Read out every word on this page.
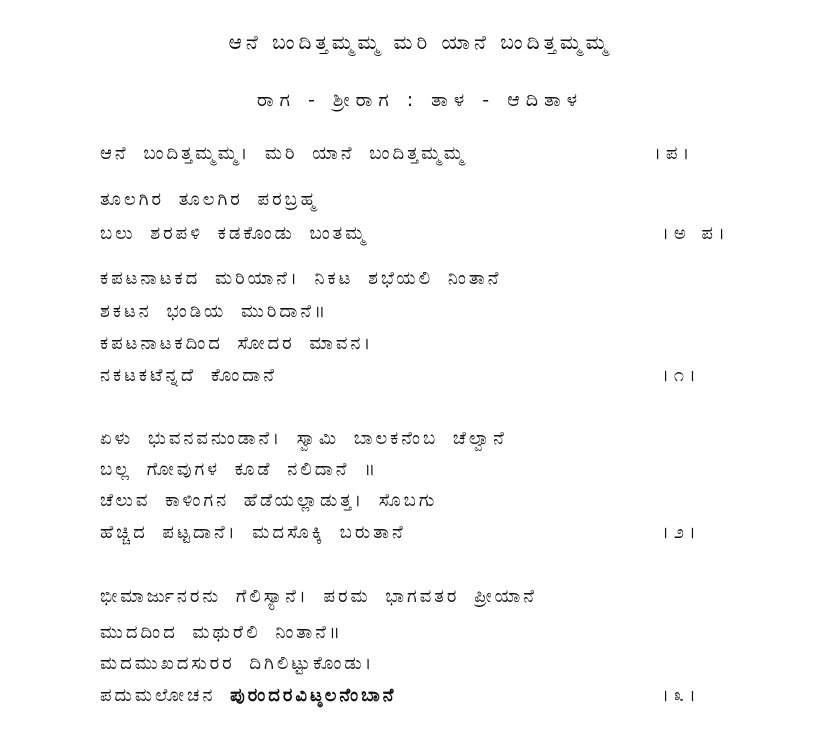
ಆನೆ ಬಂದಿತ್ತಮ್ಮಮ್ಮ ಮರಿ ಯಾನೆ ಬಂದಿತ್ತಮ್ಮಮ್ಮ
ರಾಗ - ಶ್ರೀರಾಗ : ತಾಳ - ಆದಿತಾಳ
ಆನೆ ಬಂದಿತ್ತಮ್ಮಮ್ಮ। ಮರಿ ಯಾನೆ ಬಂದಿತ್ತಮ್ಮಮ್ಮ	।ಪ।
ತೂಲಗಿರ ತೂಲಗಿರ ಪರಬ್ರಹ್ಮ
ಬಲು ಶರಪಳಿ ಕಡಕೊಂಡು ಬಂತಮ್ಮ	।ಅ ಪ।
ಕಪಟನಾಟಕದ ಮರಿಯಾನೆ। ನಿಕಟ ಶಭೆಯಲಿ ನಿಂತಾನೆ
ಶಕಟನ ಭಂಡಿಯ ಮುರಿದಾನೆ॥
ಕಪಟನಾಟಕದಿಂದ ಸೋದರ ಮಾವನ।
ನಕಟಕಟೆನ್ನದೆ ಕೊಂದಾನೆ	।೧।
ಏಳು ಭುವನವನುಂಡಾನೆ। ಸ್ವಾಮಿ ಬಾಲಕನೆಂಬ ಚೆಲ್ವಾನೆ
ಬಲ್ಲ ಗೋವುಗಳ ಕೂಡೆ ನಲಿದಾನೆ ॥
ಚೆಲುವ ಕಾಳಿಂಗನ ಹೆಡೆಯಲ್ಲಾಡುತ್ತ। ಸೊಬಗು
ಹೆಚ್ಚಿದ ಪಟ್ಟದಾನೆ। ಮದಸೊಕ್ಕಿ ಬರುತಾನೆ	।೨।
ಭೀಮಾರ್ಜುನರನು ಗೆಲಿಸ್ಯಾನೆ। ಪರಮ ಭಾಗವತರ ಪ್ರೀಯಾನೆ
ಮುದದಿಂದ ಮಥುರೆಲಿ ನಿಂತಾನೆ॥
ಮದಮುಖದಸುರರ ದಿಗಿಲಿಟ್ಟುಕೊಂಡು।
ಪದುಮಲೋಚನ ಪುರಂದರವಿಟ್ಠಲನೆಂಬಾನೆ	।೩।
